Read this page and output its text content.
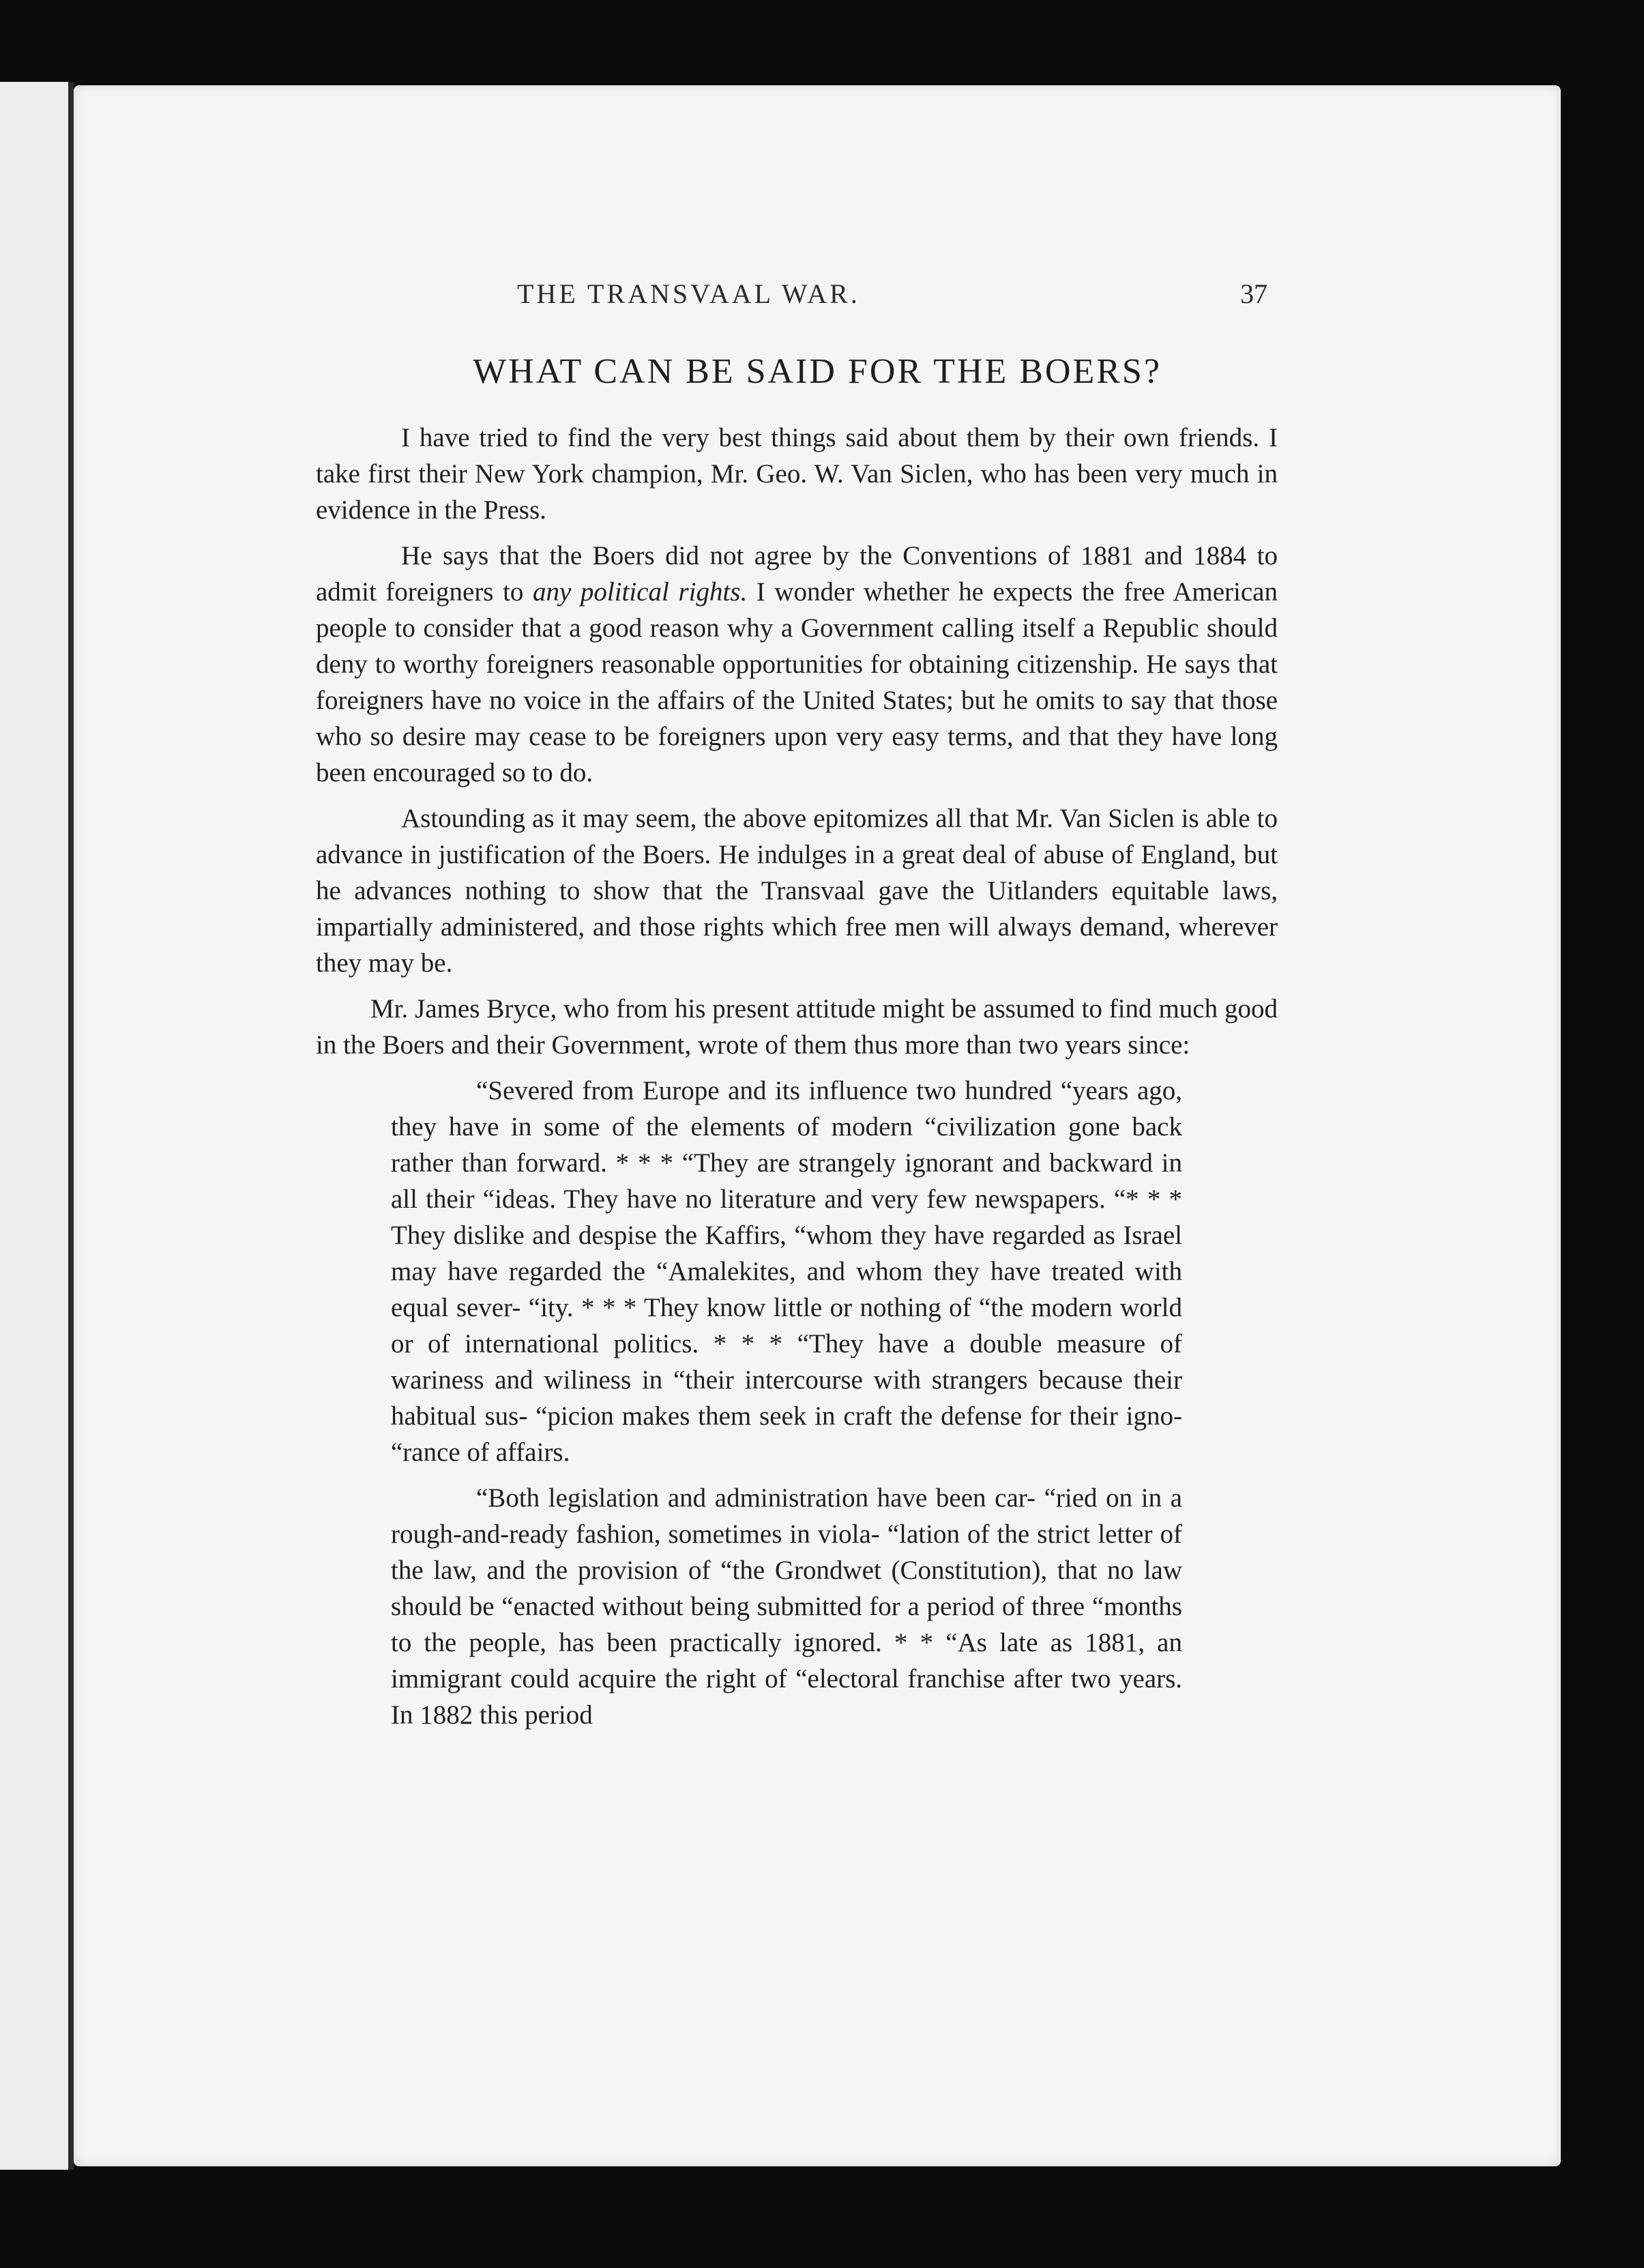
THE TRANSVAAL WAR.	37
WHAT CAN BE SAID FOR THE BOERS?

I have tried to find the very best things said about them by their own friends. I take first their New York champion, Mr. Geo. W. Van Siclen, who has been very much in evidence in the Press.

He says that the Boers did not agree by the Conventions of 1881 and 1884 to admit foreigners to any political rights. I wonder whether he expects the free American people to consider that a good reason why a Government calling itself a Republic should deny to worthy foreigners reasonable opportunities for obtaining citizenship. He says that foreigners have no voice in the affairs of the United States; but he omits to say that those who so desire may cease to be foreigners upon very easy terms, and that they have long been encouraged so to do.

Astounding as it may seem, the above epitomizes all that Mr. Van Siclen is able to advance in justification of the Boers. He indulges in a great deal of abuse of England, but he advances nothing to show that the Transvaal gave the Uitlanders equitable laws, impartially administered, and those rights which free men will always demand, wherever they may be.

Mr. James Bryce, who from his present attitude might be assumed to find much good in the Boers and their Government, wrote of them thus more than two years since:

“Severed from Europe and its influence two hundred “years ago, they have in some of the elements of modern “civilization gone back rather than forward. * * * “They are strangely ignorant and backward in all their “ideas. They have no literature and very few newspapers. “* * * They dislike and despise the Kaffirs, “whom they have regarded as Israel may have regarded the “Amalekites, and whom they have treated with equal sever- “ity. * * * They know little or nothing of “the modern world or of international politics. * * * “They have a double measure of wariness and wiliness in “their intercourse with strangers because their habitual sus- “picion makes them seek in craft the defense for their igno- “rance of affairs.

“Both legislation and administration have been car- “ried on in a rough-and-ready fashion, sometimes in viola- “lation of the strict letter of the law, and the provision of “the Grondwet (Constitution), that no law should be “enacted without being submitted for a period of three “months to the people, has been practically ignored. * * “As late as 1881, an immigrant could acquire the right of “electoral franchise after two years. In 1882 this period
